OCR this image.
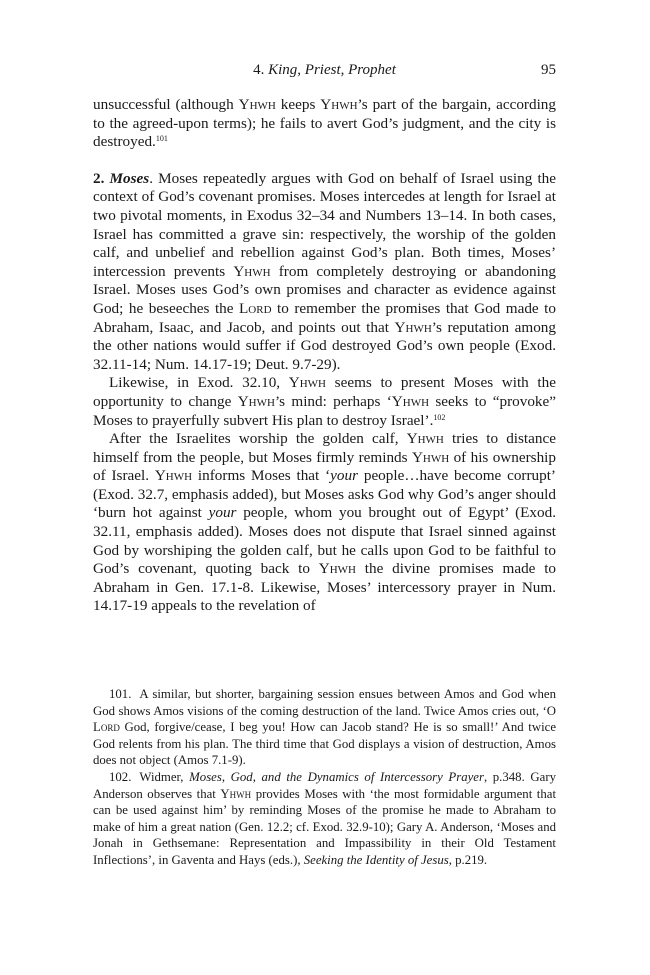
4. King, Priest, Prophet	95

unsuccessful (although Yhwh keeps Yhwh’s part of the bargain, according to the agreed-upon terms); he fails to avert God’s judgment, and the city is destroyed.$^{101}$

2. Moses. Moses repeatedly argues with God on behalf of Israel using the context of God’s covenant promises. Moses intercedes at length for Israel at two pivotal moments, in Exodus 32–34 and Numbers 13–14. In both cases, Israel has committed a grave sin: respectively, the worship of the golden calf, and unbelief and rebellion against God’s plan. Both times, Moses’ intercession prevents Yhwh from completely destroying or abandoning Israel. Moses uses God’s own promises and character as evidence against God; he beseeches the Lord to remember the promises that God made to Abraham, Isaac, and Jacob, and points out that Yhwh’s reputation among the other nations would suffer if God destroyed God’s own people (Exod. 32.11-14; Num. 14.17-19; Deut. 9.7-29).

Likewise, in Exod. 32.10, Yhwh seems to present Moses with the opportunity to change Yhwh’s mind: perhaps ‘Yhwh seeks to “provoke” Moses to prayerfully subvert His plan to destroy Israel’.$^{102}$

After the Israelites worship the golden calf, Yhwh tries to distance himself from the people, but Moses firmly reminds Yhwh of his ownership of Israel. Yhwh informs Moses that ‘your people…have become corrupt’ (Exod. 32.7, emphasis added), but Moses asks God why God’s anger should ‘burn hot against your people, whom you brought out of Egypt’ (Exod. 32.11, emphasis added). Moses does not dispute that Israel sinned against God by worshiping the golden calf, but he calls upon God to be faithful to God’s covenant, quoting back to Yhwh the divine promises made to Abraham in Gen. 17.1-8. Likewise, Moses’ intercessory prayer in Num. 14.17-19 appeals to the revelation of

101. A similar, but shorter, bargaining session ensues between Amos and God when God shows Amos visions of the coming destruction of the land. Twice Amos cries out, ‘O Lord God, forgive/cease, I beg you! How can Jacob stand? He is so small!’ And twice God relents from his plan. The third time that God displays a vision of destruction, Amos does not object (Amos 7.1-9).

102. Widmer, Moses, God, and the Dynamics of Intercessory Prayer, p.348. Gary Anderson observes that Yhwh provides Moses with ‘the most formidable argument that can be used against him’ by reminding Moses of the promise he made to Abraham to make of him a great nation (Gen. 12.2; cf. Exod. 32.9-10); Gary A. Anderson, ‘Moses and Jonah in Gethsemane: Representation and Impassibility in their Old Testament Inflections’, in Gaventa and Hays (eds.), Seeking the Identity of Jesus, p.219.
